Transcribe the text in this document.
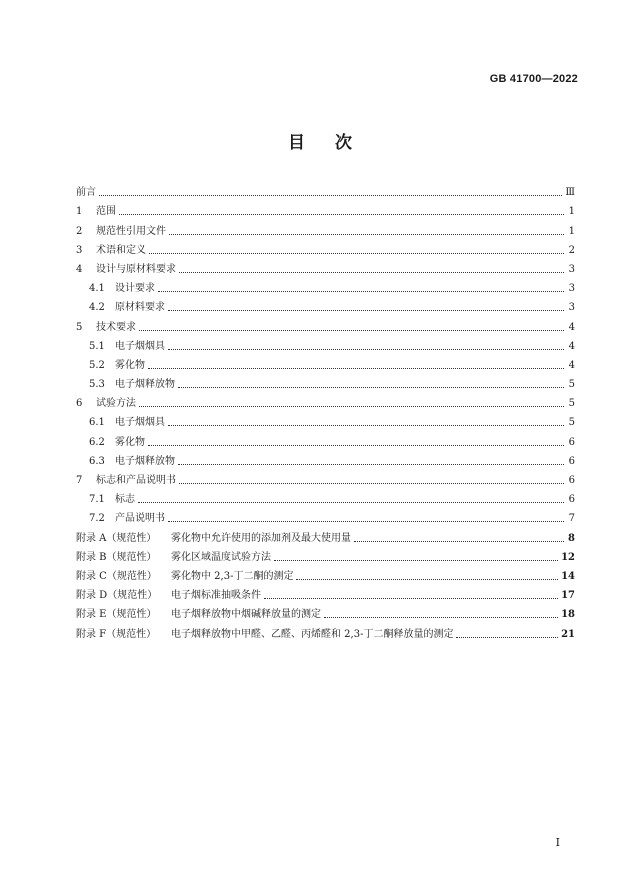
GB 41700—2022
目次
前言	Ⅲ
1	范围	1
2	规范性引用文件	1
3	术语和定义	2
4	设计与原材料要求	3
4.1	设计要求	3
4.2	原材料要求	3
5	技术要求	4
5.1	电子烟烟具	4
5.2	雾化物	4
5.3	电子烟释放物	5
6	试验方法	5
6.1	电子烟烟具	5
6.2	雾化物	6
6.3	电子烟释放物	6
7	标志和产品说明书	6
7.1	标志	6
7.2	产品说明书	7
附录 A（规范性）	雾化物中允许使用的添加剂及最大使用量	8
附录 B（规范性）	雾化区域温度试验方法	12
附录 C（规范性）	雾化物中 2,3-丁二酮的测定	14
附录 D（规范性）	电子烟标准抽吸条件	17
附录 E（规范性）	电子烟释放物中烟碱释放量的测定	18
附录 F（规范性）	电子烟释放物中甲醛、乙醛、丙烯醛和 2,3-丁二酮释放量的测定	21
I
